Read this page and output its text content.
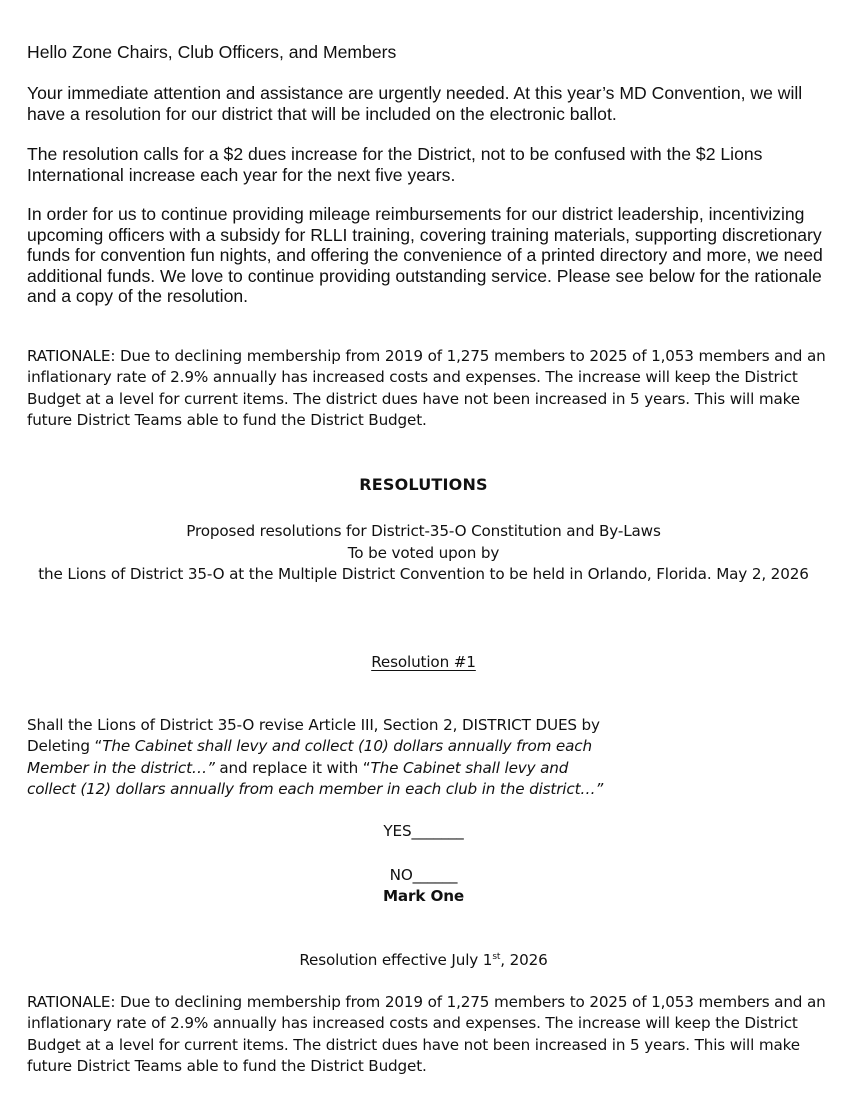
Hello Zone Chairs, Club Officers, and Members

Your immediate attention and assistance are urgently needed. At this year’s MD Convention, we will have a resolution for our district that will be included on the electronic ballot.

The resolution calls for a $2 dues increase for the District, not to be confused with the $2 Lions International increase each year for the next five years.

In order for us to continue providing mileage reimbursements for our district leadership, incentivizing upcoming officers with a subsidy for RLLI training, covering training materials, supporting discretionary funds for convention fun nights, and offering the convenience of a printed directory and more, we need additional funds. We love to continue providing outstanding service. Please see below for the rationale and a copy of the resolution.

RATIONALE: Due to declining membership from 2019 of 1,275 members to 2025 of 1,053 members and an inflationary rate of 2.9% annually has increased costs and expenses. The increase will keep the District Budget at a level for current items. The district dues have not been increased in 5 years. This will make future District Teams able to fund the District Budget.

RESOLUTIONS

Proposed resolutions for District-35-O Constitution and By-Laws

To be voted upon by

the Lions of District 35-O at the Multiple District Convention to be held in Orlando, Florida. May 2, 2026

Resolution #1

Shall the Lions of District 35-O revise Article III, Section 2, DISTRICT DUES by Deleting “The Cabinet shall levy and collect (10) dollars annually from each Member in the district…” and replace it with “The Cabinet shall levy and collect (12) dollars annually from each member in each club in the district…”

YES_______

NO______

Mark One

Resolution effective July 1st, 2026

RATIONALE: Due to declining membership from 2019 of 1,275 members to 2025 of 1,053 members and an inflationary rate of 2.9% annually has increased costs and expenses. The increase will keep the District Budget at a level for current items. The district dues have not been increased in 5 years. This will make future District Teams able to fund the District Budget.
